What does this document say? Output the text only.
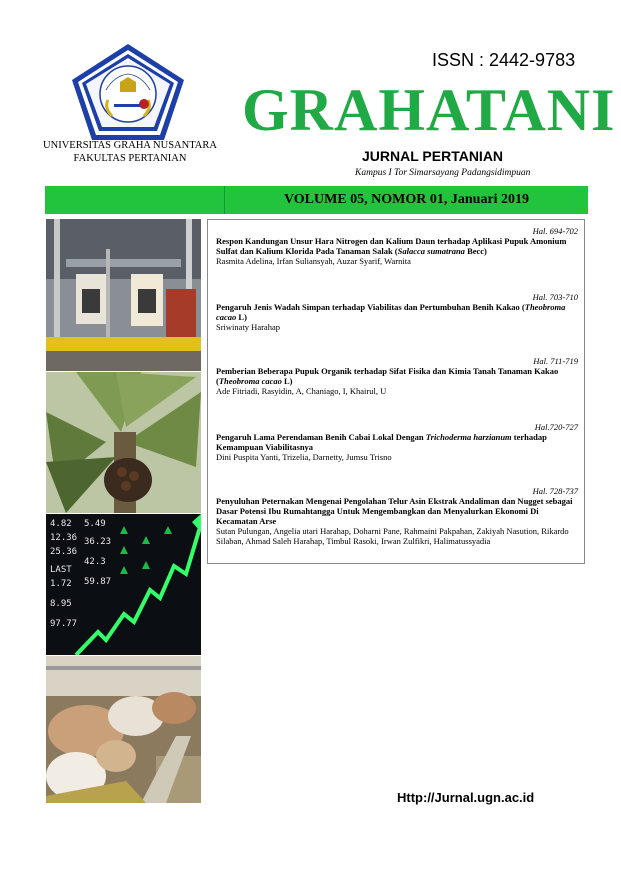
UNIVERSITAS GRAHA NUSANTARA
FAKULTAS PERTANIAN
ISSN : 2442-9783
GRAHATANI
JURNAL PERTANIAN
Kampus I Tor Simarsayang Padangsidimpuan
VOLUME 05, NOMOR 01, Januari 2019
4.82
12.36
25.36
LAST
1.72
8.95
97.77
5.49
36.23
42.3
59.87
Hal. 694-702
Respon Kandungan Unsur Hara Nitrogen dan Kalium Daun terhadap Aplikasi Pupuk Amonium Sulfat dan Kalium Klorida Pada Tanaman Salak (Salacca sumatrana Becc)
Rasmita Adelina, Irfan Suliansyah, Auzar Syarif, Warnita
Hal. 703-710
Pengaruh Jenis Wadah Simpan terhadap Viabilitas dan Pertumbuhan Benih Kakao (Theobroma cacao L)
Sriwinaty Harahap
Hal. 711-719
Pemberian Beberapa Pupuk Organik terhadap Sifat Fisika dan Kimia Tanah Tanaman Kakao (Theobroma cacao L)
Ade Fitriadi, Rasyidin, A, Chaniago, I, Khairul, U
Hal.720-727
Pengaruh Lama Perendaman Benih Cabai Lokal Dengan Trichoderma harzianum terhadap Kemampuan Viabilitasnya
Dini Puspita Yanti, Trizelia, Darnetty, Jumsu Trisno
Hal. 728-737
Penyuluhan Peternakan Mengenai Pengolahan Telur Asin Ekstrak Andaliman dan Nugget sebagai Dasar Potensi Ibu Rumahtangga Untuk Mengembangkan dan Menyalurkan Ekonomi Di Kecamatan Arse
Sutan Pulungan, Angelia utari Harahap, Doharni Pane, Rahmaini Pakpahan, Zakiyah Nasution, Rikardo Silaban, Ahmad Saleh Harahap, Timbul Rasoki, Irwan Zulfikri, Halimatussyadia
Http://Jurnal.ugn.ac.id
